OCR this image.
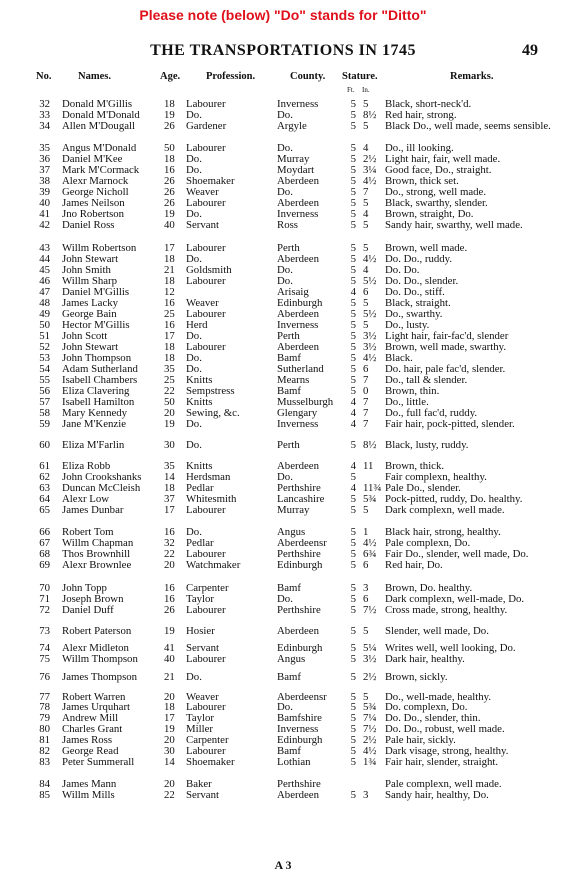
Please note (below) "Do" stands for "Ditto"
THE TRANSPORTATIONS IN 1745	49
No.	Names.	Age. Profession.	County. Stature.	Remarks.
Ft. In.
32 Donald M'Gillis	18 Labourer	Inverness	5 5 Black, short-neck'd.
33 Donald M'Donald 19 Do.	Do.	5 8½ Red hair, strong.
34 Allen M'Dougall	26 Gardener	Argyle	5 5 Black Do., well made, seems sensible.
35 Angus M'Donald	50 Labourer	Do.	5 4 Do., ill looking.
36 Daniel M'Kee	18 Do.	Murray	5 2½ Light hair, fair, well made.
37 Mark M'Cormack 16 Do.	Moydart	5 3¼ Good face, Do., straight.
38 Alexr Marnock	26 Shoemaker	Aberdeen	5 4½ Brown, thick set.
39 George Nicholl	26 Weaver	Do.	5 7 Do., strong, well made.
40 James Neilson	26 Labourer	Aberdeen	5 5 Black, swarthy, slender.
41 Jno Robertson	19 Do.	Inverness	5 4 Brown, straight, Do.
42 Daniel Ross	40 Servant	Ross	5 5 Sandy hair, swarthy, well made.
43 Willm Robertson	17 Labourer	Perth	5 5 Brown, well made.
44 John Stewart	18 Do.	Aberdeen	5 4½ Do. Do., ruddy.
45 John Smith	21 Goldsmith	Do.	5 4 Do. Do.
46 Willm Sharp	18 Labourer	Do.	5 5½ Do. Do., slender.
47 Daniel M'Gillis	12	Arisaig	4 6 Do. Do., stiff.
48 James Lacky	16 Weaver	Edinburgh	5 5 Black, straight.
49 George Bain	25 Labourer	Aberdeen	5 5½ Do., swarthy.
50 Hector M'Gillis	16 Herd	Inverness	5 5 Do., lusty.
51 John Scott	17 Do.	Perth	5 3½ Light hair, fair-fac'd, slender
52 John Stewart	18 Labourer	Aberdeen	5 3½ Brown, well made, swarthy.
53 John Thompson	18 Do.	Bamf	5 4½ Black.
54 Adam Sutherland 35 Do.	Sutherland	5 6 Do. hair, pale fac'd, slender.
55 Isabell Chambers 25 Knitts	Mearns	5 7 Do., tall & slender.
56 Eliza Clavering	22 Sempstress	Bamf	5 0 Brown, thin.
57 Isabell Hamilton	50 Knitts	Musselburgh	4 7 Do., little.
58 Mary Kennedy	20 Sewing, &c.	Glengary	4 7 Do., full fac'd, ruddy.
59 Jane M'Kenzie	19 Do.	Inverness	4 7 Fair hair, pock-pitted, slender.
60 Eliza M'Farlin	30 Do.	Perth	5 8½ Black, lusty, ruddy.
61 Eliza Robb	35 Knitts	Aberdeen	4 11 Brown, thick.
62 John Crookshanks 14 Herdsman	Do.	5	Fair complexn, healthy.
63 Duncan McCleish 18 Pedlar	Perthshire	4 11¾ Pale Do., slender.
64 Alexr Low	37 Whitesmith	Lancashire	5 5¾ Pock-pitted, ruddy, Do. healthy.
65 James Dunbar	17 Labourer	Murray	5 5 Dark complexn, well made.
66 Robert Tom	16 Do.	Angus	5 1 Black hair, strong, healthy.
67 Willm Chapman	32 Pedlar	Aberdeensr	5 4½ Pale complexn, Do.
68 Thos Brownhill	22 Labourer	Perthshire	5 6¾ Fair Do., slender, well made, Do.
69 Alexr Brownlee	20 Watchmaker	Edinburgh	5 6 Red hair, Do.
70 John Topp	16 Carpenter	Bamf	5 3 Brown, Do. healthy.
71 Joseph Brown	16 Taylor	Do.	5 6 Dark complexn, well-made, Do.
72 Daniel Duff	26 Labourer	Perthshire	5 7½ Cross made, strong, healthy.
73 Robert Paterson	19 Hosier	Aberdeen	5 5 Slender, well made, Do.
74 Alexr Midleton	41 Servant	Edinburgh	5 5¼ Writes well, well looking, Do.
75 Willm Thompson 40 Labourer	Angus	5 3½ Dark hair, healthy.
76 James Thompson 21 Do.	Bamf	5 2½ Brown, sickly.
77 Robert Warren	20 Weaver	Aberdeensr	5 5 Do., well-made, healthy.
78 James Urquhart	18 Labourer	Do.	5 5¾ Do. complexn, Do.
79 Andrew Mill	17 Taylor	Bamfshire	5 7¼ Do. Do., slender, thin.
80 Charles Grant	19 Miller	Inverness	5 7½ Do. Do., robust, well made.
81 James Ross	20 Carpenter	Edinburgh	5 2½ Pale hair, sickly.
82 George Read	30 Labourer	Bamf	5 4½ Dark visage, strong, healthy.
83 Peter Summerall	14 Shoemaker	Lothian	5 1¾ Fair hair, slender, straight.
84 James Mann	20 Baker	Perthshire	Pale complexn, well made.
85 Willm Mills	22 Servant	Aberdeen	5 3 Sandy hair, healthy, Do.
A 3
